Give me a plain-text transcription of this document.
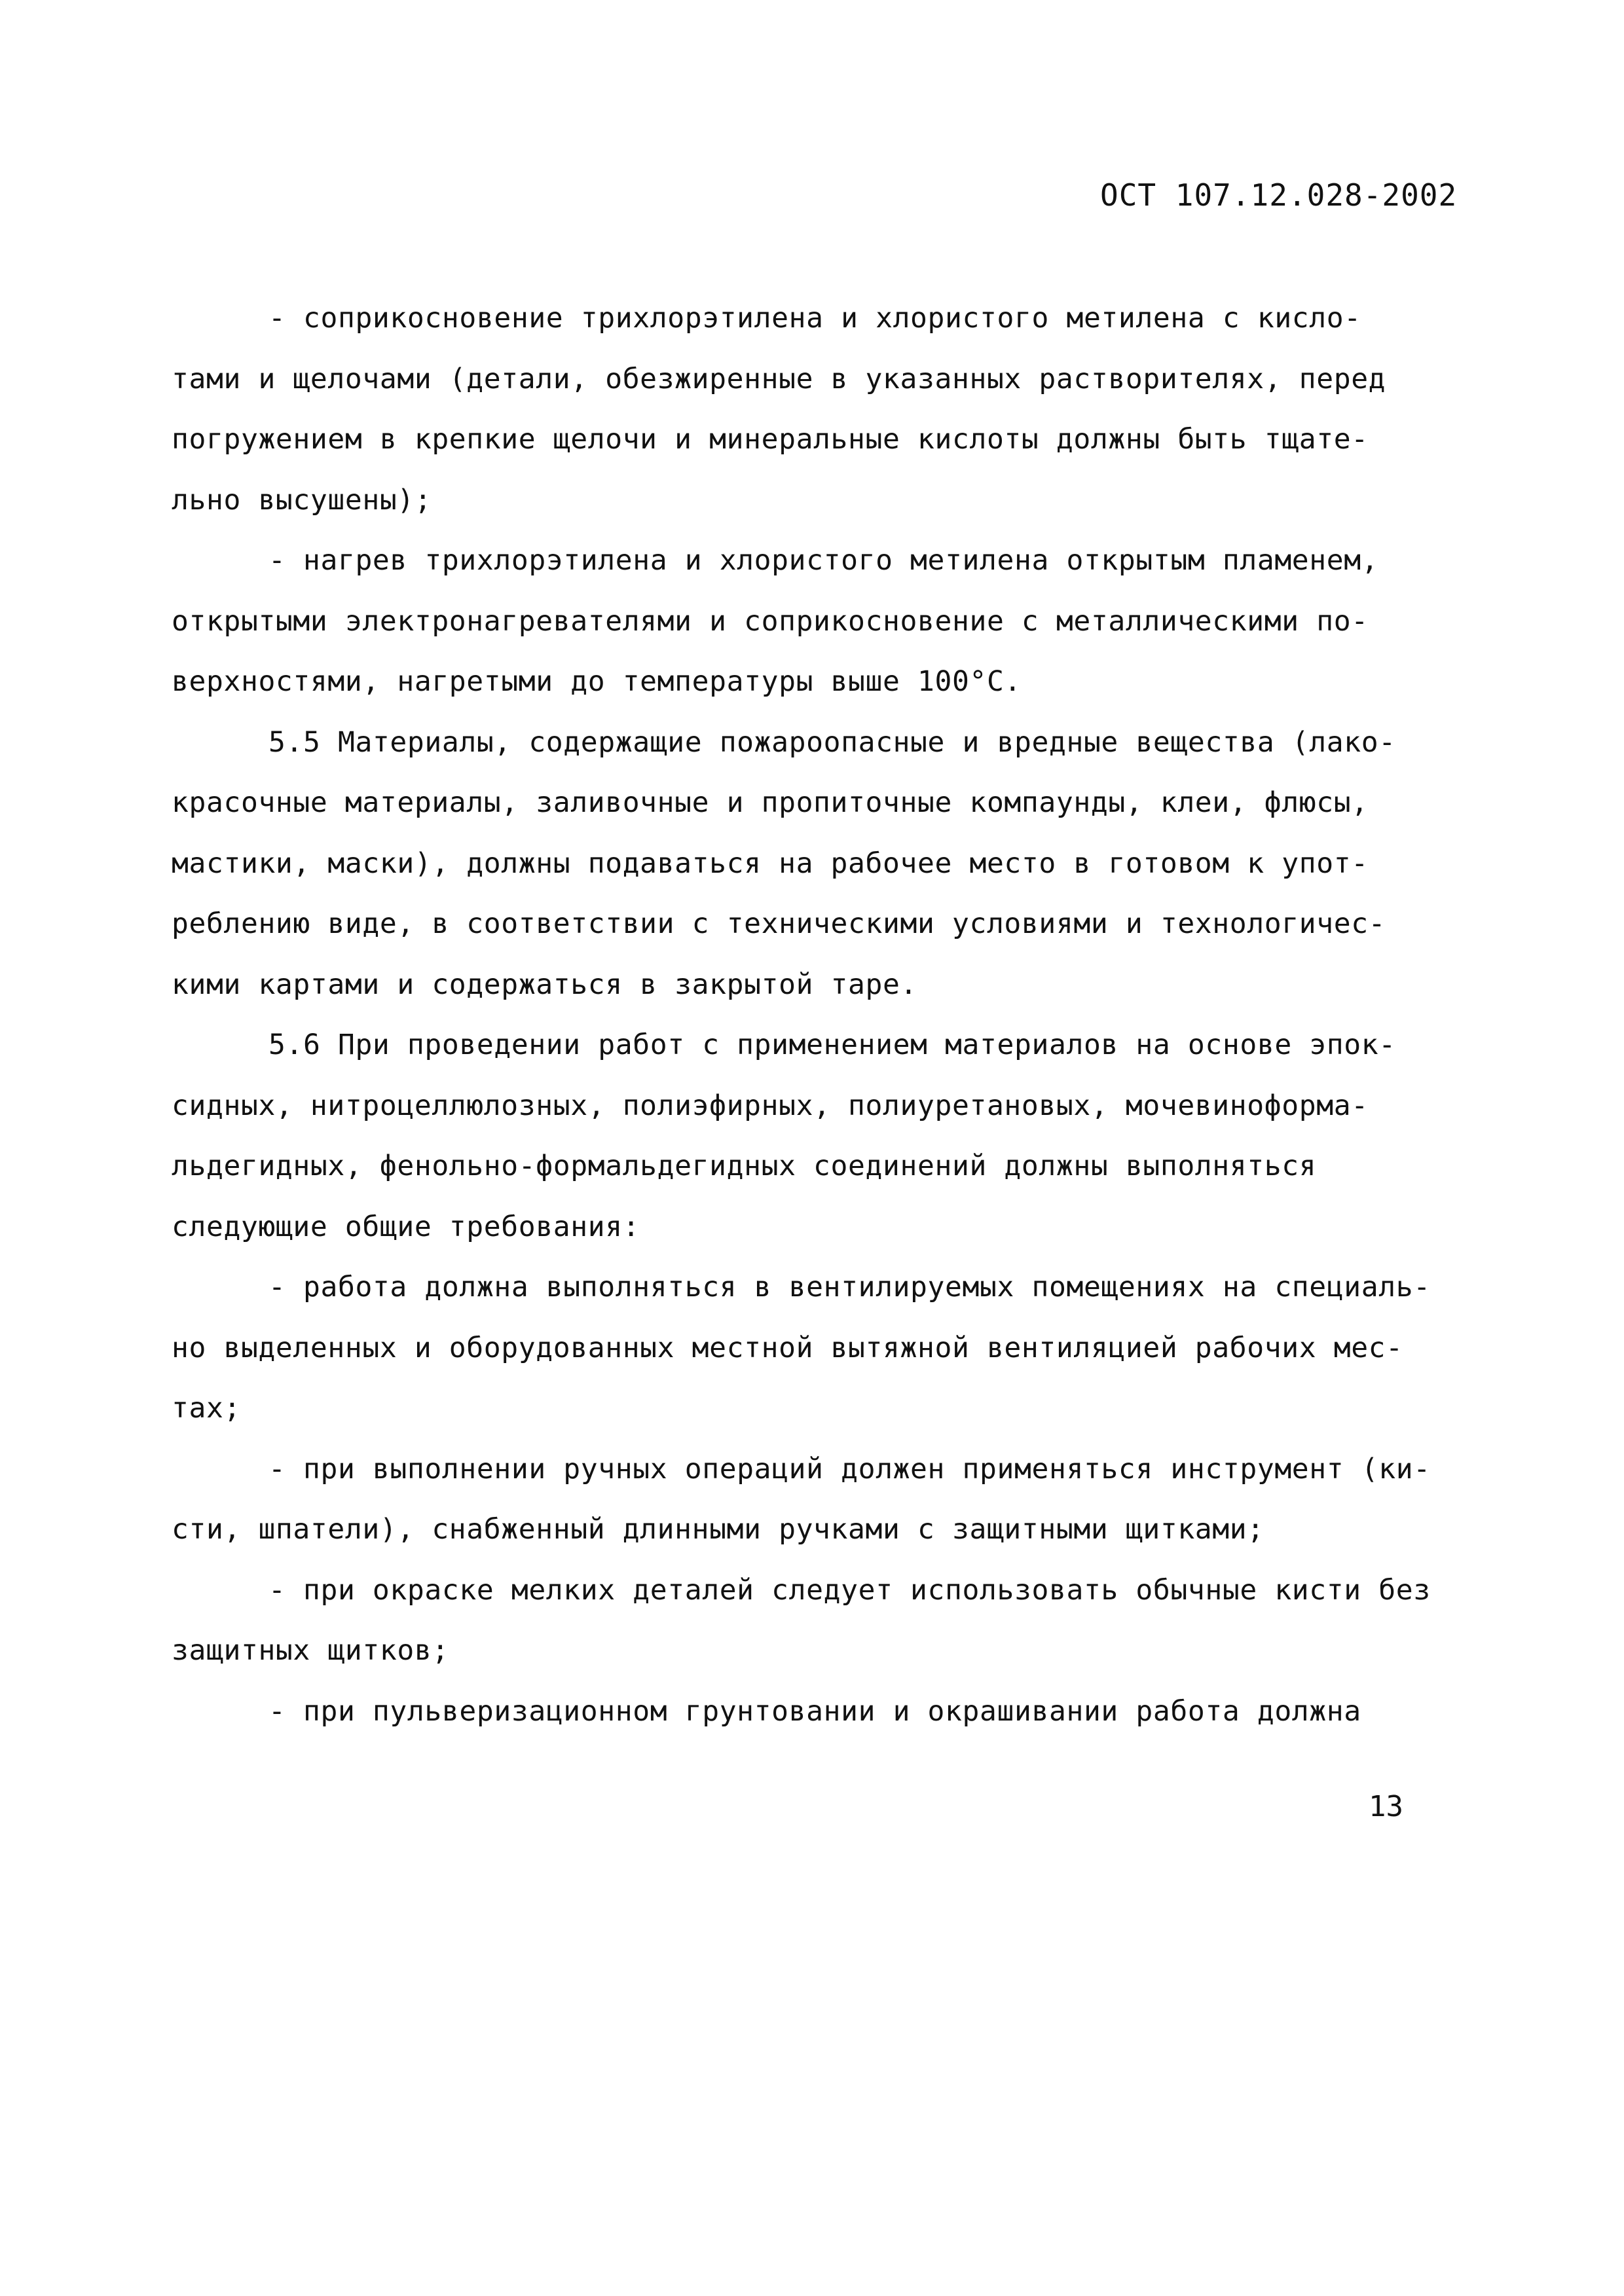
ОСТ 107.12.028-2002
- соприкосновение трихлорэтилена и хлористого метилена с кисло-
тами и щелочами (детали, обезжиренные в указанных растворителях, перед
погружением в крепкие щелочи и минеральные кислоты должны быть тщате-
льно высушены);
- нагрев трихлорэтилена и хлористого метилена открытым пламенем,
открытыми электронагревателями и соприкосновение с металлическими по-
верхностями, нагретыми до температуры выше 100°С.
5.5 Материалы, содержащие пожароопасные и вредные вещества (лако-
красочные материалы, заливочные и пропиточные компаунды, клеи, флюсы,
мастики, маски), должны подаваться на рабочее место в готовом к упот-
реблению виде, в соответствии с техническими условиями и технологичес-
кими картами и содержаться в закрытой таре.
5.6 При проведении работ с применением материалов на основе эпок-
сидных, нитроцеллюлозных, полиэфирных, полиуретановых, мочевиноформа-
льдегидных, фенольно-формальдегидных соединений должны выполняться
следующие общие требования:
- работа должна выполняться в вентилируемых помещениях на специаль-
но выделенных и оборудованных местной вытяжной вентиляцией рабочих мес-
тах;
- при выполнении ручных операций должен применяться инструмент (ки-
сти, шпатели), снабженный длинными ручками с защитными щитками;
- при окраске мелких деталей следует использовать обычные кисти без
защитных щитков;
- при пульверизационном грунтовании и окрашивании работа должна
13
